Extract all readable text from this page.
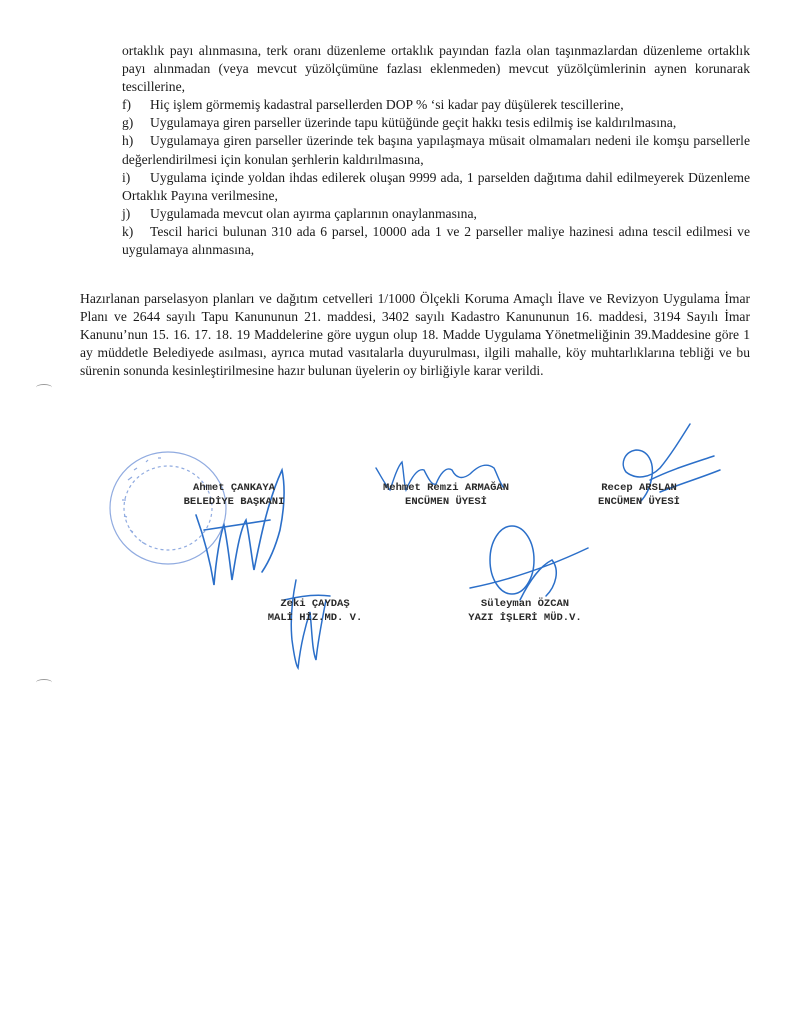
ortaklık payı alınmasına, terk oranı düzenleme ortaklık payından fazla olan taşınmazlardan düzenleme ortaklık payı alınmadan (veya mevcut yüzölçümüne fazlası eklenmeden) mevcut yüzölçümlerinin aynen korunarak tescillerine,

f) Hiç işlem görmemiş kadastral parsellerden DOP % ‘si kadar pay düşülerek tescillerine,

g) Uygulamaya giren parseller üzerinde tapu kütüğünde geçit hakkı tesis edilmiş ise kaldırılmasına,

h) Uygulamaya giren parseller üzerinde tek başına yapılaşmaya müsait olmamaları nedeni ile komşu parsellerle değerlendirilmesi için konulan şerhlerin kaldırılmasına,

i) Uygulama içinde yoldan ihdas edilerek oluşan 9999 ada, 1 parselden dağıtıma dahil edilmeyerek Düzenleme Ortaklık Payına verilmesine,

j) Uygulamada mevcut olan ayırma çaplarının onaylanmasına,

k) Tescil harici bulunan 310 ada 6 parsel, 10000 ada 1 ve 2 parseller maliye hazinesi adına tescil edilmesi ve uygulamaya alınmasına,

Hazırlanan parselasyon planları ve dağıtım cetvelleri 1/1000 Ölçekli Koruma Amaçlı İlave ve Revizyon Uygulama İmar Planı ve 2644 sayılı Tapu Kanununun 21. maddesi, 3402 sayılı Kadastro Kanununun 16. maddesi, 3194 Sayılı İmar Kanunu’nun 15. 16. 17. 18. 19 Maddelerine göre uygun olup 18. Madde Uygulama Yönetmeliğinin 39.Maddesine göre 1 ay müddetle Belediyede asılması, ayrıca mutad vasıtalarla duyurulması, ilgili mahalle, köy muhtarlıklarına tebliği ve bu sürenin sonunda kesinleştirilmesine hazır bulunan üyelerin oy birliğiyle karar verildi.

Ahmet ÇANKAYA
BELEDİYE BAŞKANI
Mehmet Remzi ARMAĞAN
ENCÜMEN ÜYESİ
Recep ARSLAN
ENCÜMEN ÜYESİ
Zeki ÇAYDAŞ
MALİ HİZ.MD. V.
Süleyman ÖZCAN
YAZI İŞLERİ MÜD.V.
